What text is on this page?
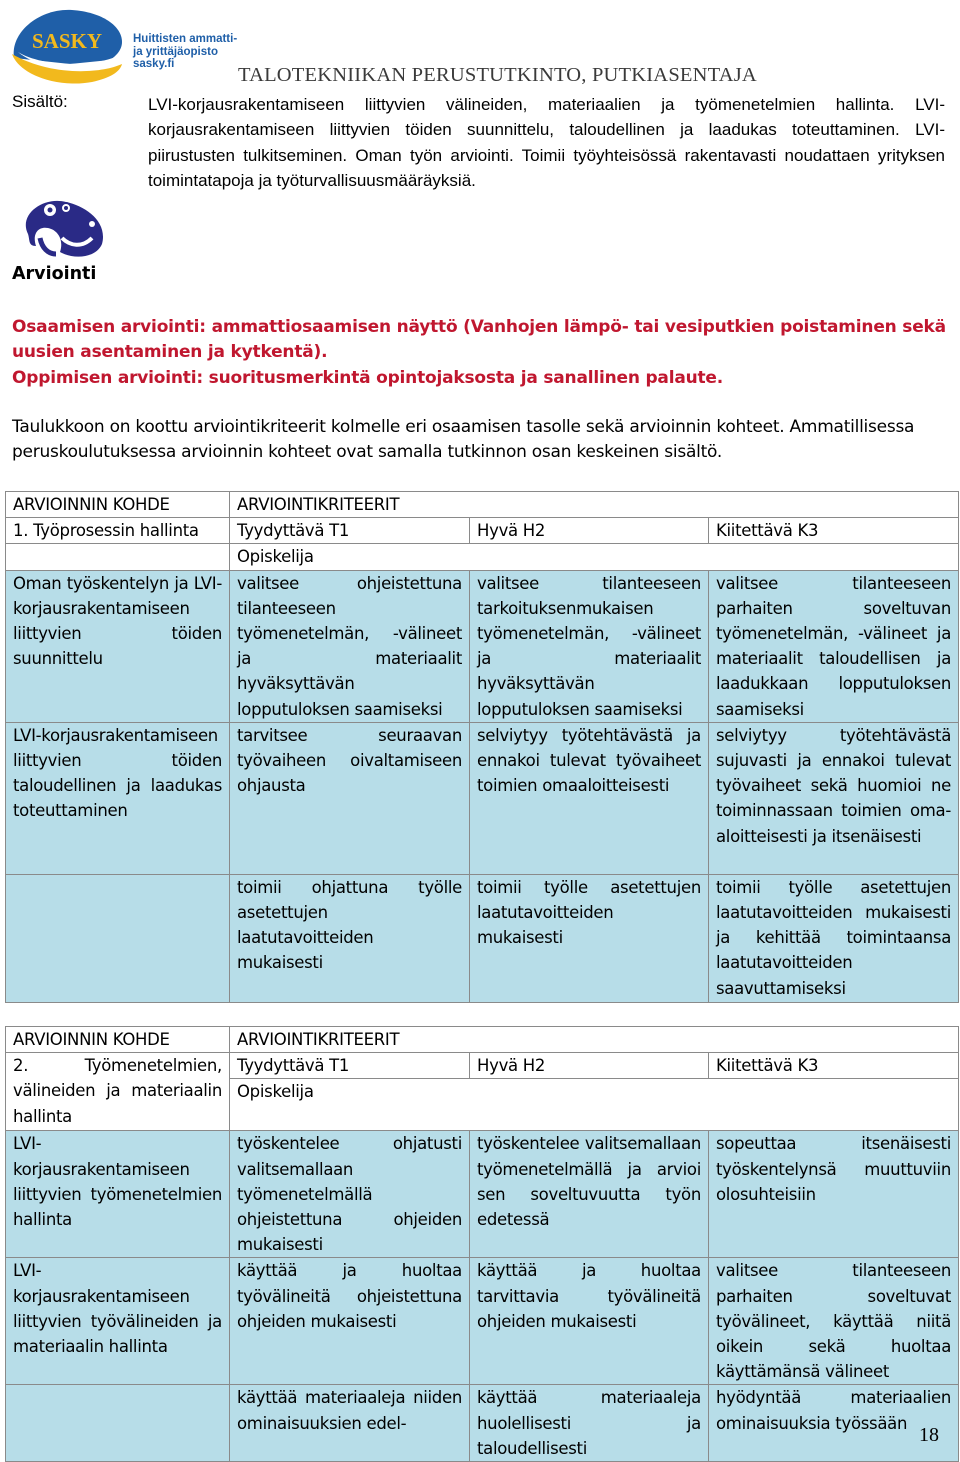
SASKY	Huittisten ammatti-
ja yrittäjäopisto
sasky.fi	TALOTEKNIIKAN PERUSTUTKINTO, PUTKIASENTAJA
Sisältö:	LVI-korjausrakentamiseen liittyvien välineiden, materiaalien ja työmenetelmien hallinta. LVI-korjausrakentamiseen liittyvien töiden suunnittelu, taloudellinen ja laadukas toteuttaminen. LVI-piirustusten tulkitseminen. Oman työn arviointi. Toimii työyhteisössä rakentavasti noudattaen yrityksen toimintatapoja ja työturvallisuusmääräyksiä.

Arviointi

Osaamisen arviointi: ammattiosaamisen näyttö (Vanhojen lämpö- tai vesiputkien poistaminen sekä uusien asentaminen ja kytkentä).

Oppimisen arviointi: suoritusmerkintä opintojaksosta ja sanallinen palaute.

Taulukkoon on koottu arviointikriteerit kolmelle eri osaamisen tasolle sekä arvioinnin kohteet. Ammatillisessa peruskoulutuksessa arvioinnin kohteet ovat samalla tutkinnon osan keskeinen sisältö.
ARVIOINNIN KOHDE	ARVIOINTIKRITEERIT		
1. Työprosessin hallinta	Tyydyttävä T1	Hyvä H2	Kiitettävä K3
	Opiskelija		
Oman työskentelyn ja LVI-korjausrakentamiseen liittyvien töiden suunnittelu	valitsee ohjeistettuna tilanteeseen työmenetelmän, -välineet ja materiaalit hyväksyttävän lopputuloksen saamiseksi	valitsee tilanteeseen tarkoituksenmukaisen työmenetelmän, -välineet ja materiaalit hyväksyttävän lopputuloksen saamiseksi	valitsee tilanteeseen parhaiten soveltuvan työmenetelmän, -välineet ja materiaalit taloudellisen ja laadukkaan lopputuloksen saamiseksi
LVI-korjausrakentamiseen liittyvien töiden taloudellinen ja laadukas toteuttaminen	tarvitsee seuraavan työvaiheen oivaltamiseen ohjausta	selviytyy työtehtävästä ja ennakoi tulevat työvaiheet toimien omaaloitteisesti	selviytyy työtehtävästä sujuvasti ja ennakoi tulevat työvaiheet sekä huomioi ne toiminnassaan toimien oma-aloitteisesti ja itsenäisesti
	toimii ohjattuna työlle asetettujen laatutavoitteiden mukaisesti	toimii työlle asetettujen laatutavoitteiden mukaisesti	toimii työlle asetettujen laatutavoitteiden mukaisesti ja kehittää toimintaansa laatutavoitteiden saavuttamiseksi
ARVIOINNIN KOHDE	ARVIOINTIKRITEERIT		
2. Työmenetelmien, välineiden ja materiaalin hallinta	Tyydyttävä T1	Hyvä H2	Kiitettävä K3
	Opiskelija		
LVI- korjausrakentamiseen liittyvien työmenetelmien hallinta	työskentelee ohjatusti valitsemallaan työmenetelmällä ohjeistettuna ohjeiden mukaisesti	työskentelee valitsemallaan työmenetelmällä ja arvioi sen soveltuvuutta työn edetessä	sopeuttaa itsenäisesti työskentelynsä muuttuviin olosuhteisiin
LVI- korjausrakentamiseen liittyvien työvälineiden ja materiaalin hallinta	käyttää ja huoltaa työvälineitä ohjeistettuna ohjeiden mukaisesti	käyttää ja huoltaa tarvittavia työvälineitä ohjeiden mukaisesti	valitsee tilanteeseen parhaiten soveltuvat työvälineet, käyttää niitä oikein sekä huoltaa käyttämänsä välineet
	käyttää materiaaleja niiden ominaisuuksien edel-	käyttää materiaaleja huolellisesti ja taloudellisesti	hyödyntää materiaalien ominaisuuksia työssään
18
